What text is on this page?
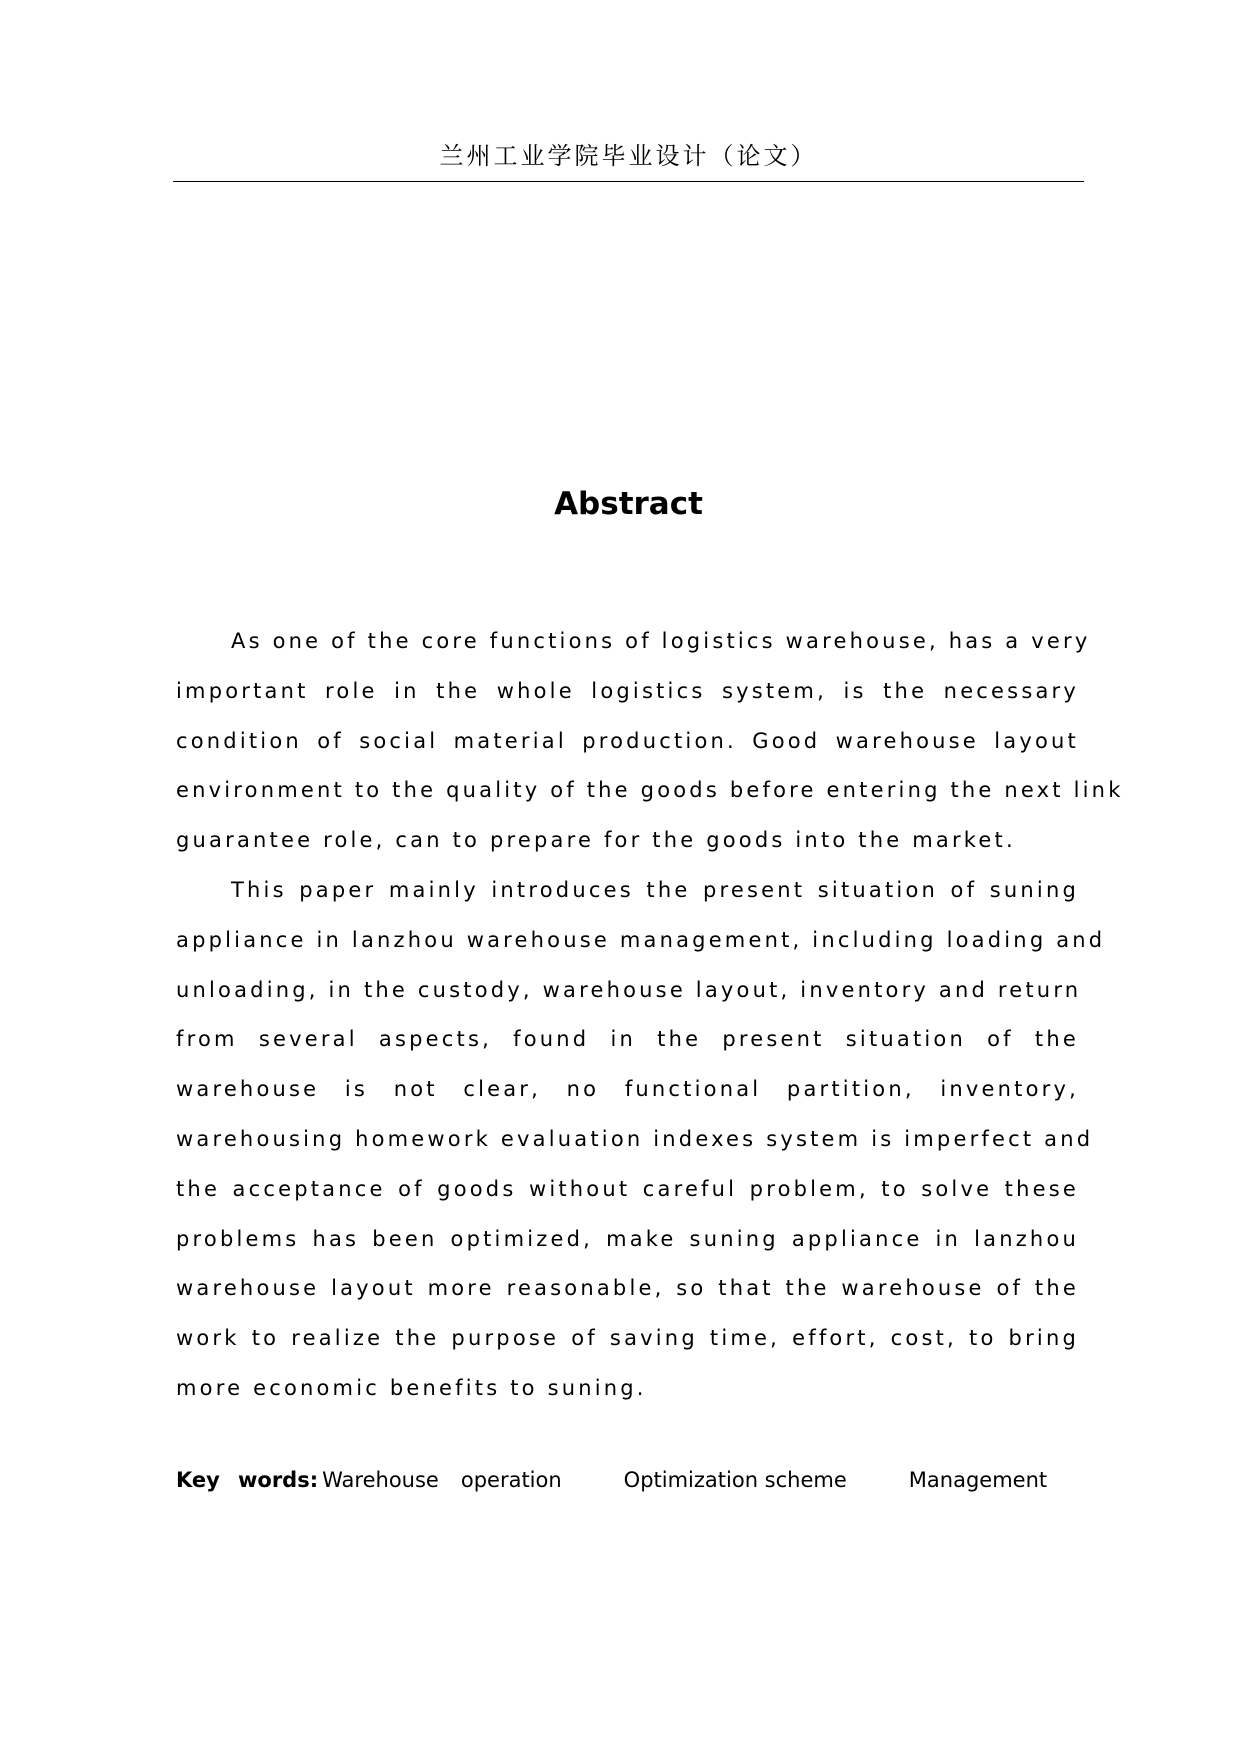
兰州工业学院毕业设计（论文）
Abstract
As one of the core functions of logistics warehouse, has a very
important role in the whole logistics system, is the necessary
condition of social material production. Good warehouse layout
environment to the quality of the goods before entering the next link
guarantee role, can to prepare for the goods into the market.
This paper mainly introduces the present situation of suning
appliance in lanzhou warehouse management, including loading and
unloading, in the custody, warehouse layout, inventory and return
from several aspects, found in the present situation of the
warehouse is not clear, no functional partition, inventory,
warehousing homework evaluation indexes system is imperfect and
the acceptance of goods without careful problem, to solve these
problems has been optimized, make suning appliance in lanzhou
warehouse layout more reasonable, so that the warehouse of the
work to realize the purpose of saving time, effort, cost, to bring
more economic benefits to suning.
Key words: Warehouse operation	Optimization scheme	Management
